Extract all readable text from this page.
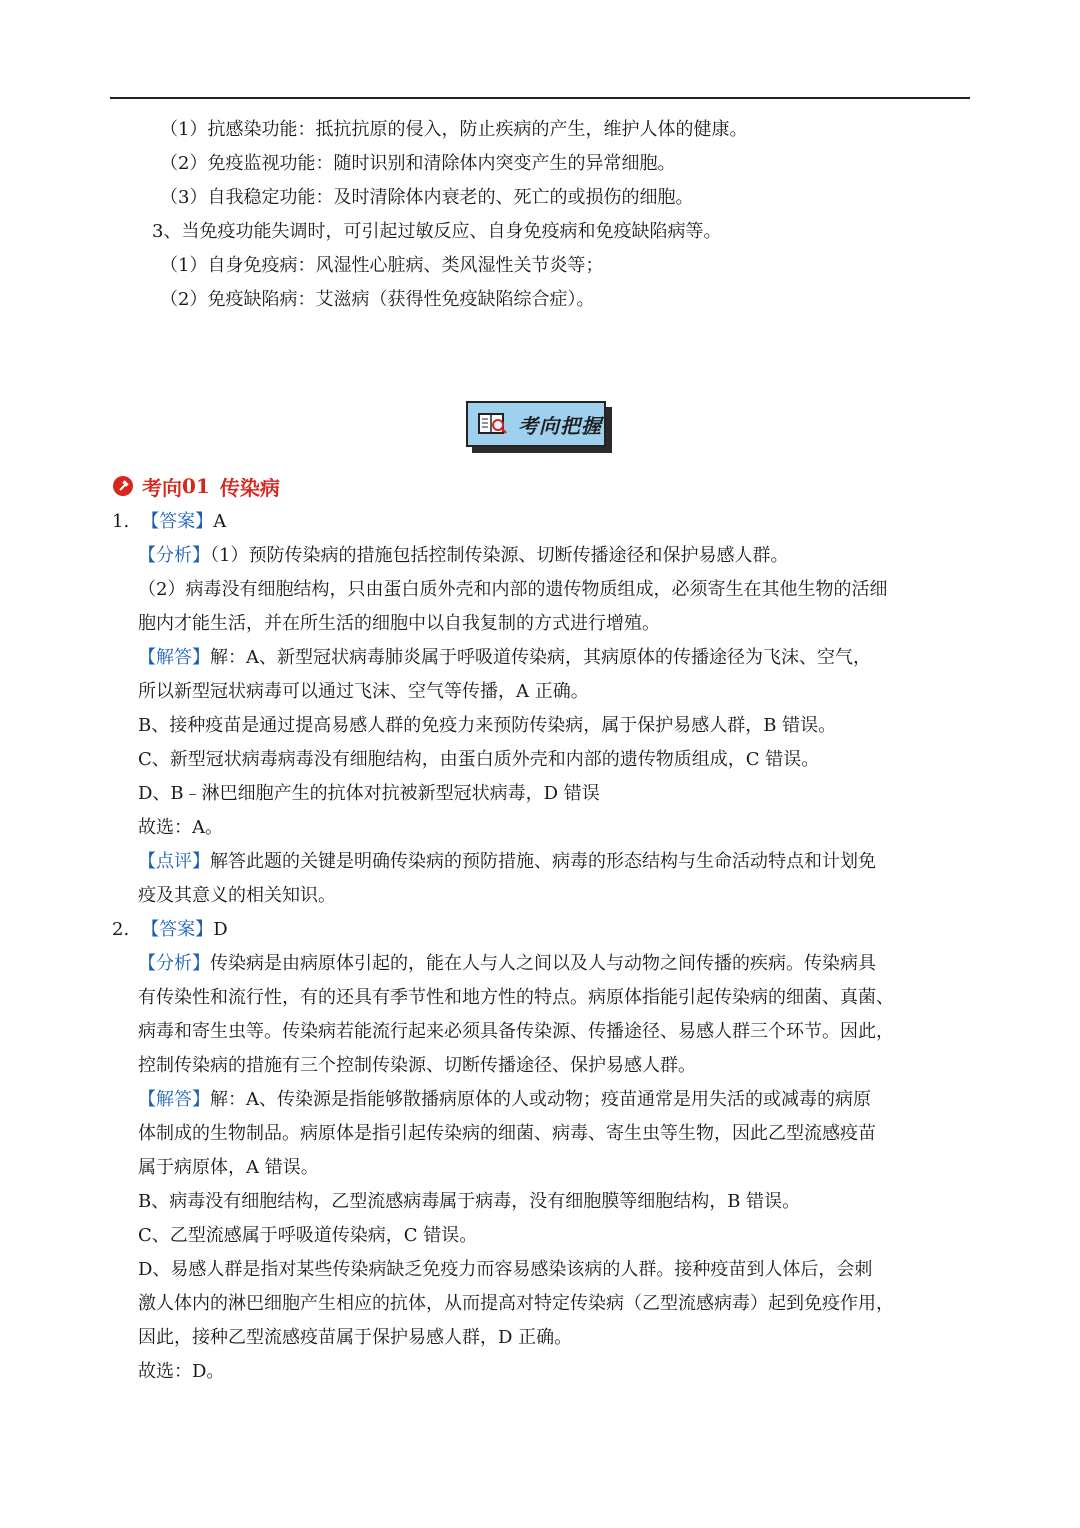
（1）抗感染功能：抵抗抗原的侵入，防止疾病的产生，维护人体的健康。
（2）免疫监视功能：随时识别和清除体内突变产生的异常细胞。
（3）自我稳定功能：及时清除体内衰老的、死亡的或损伤的细胞。
3、当免疫功能失调时，可引起过敏反应、自身免疫病和免疫缺陷病等。
（1）自身免疫病：风湿性心脏病、类风湿性关节炎等；
（2）免疫缺陷病：艾滋病（获得性免疫缺陷综合症）。
考向把握
考向 01 传染病
1. 【答案】A
【分析】（1）预防传染病的措施包括控制传染源、切断传播途径和保护易感人群。
（2）病毒没有细胞结构，只由蛋白质外壳和内部的遗传物质组成，必须寄生在其他生物的活细
胞内才能生活，并在所生活的细胞中以自我复制的方式进行增殖。
【解答】解：A、新型冠状病毒肺炎属于呼吸道传染病，其病原体的传播途径为飞沫、空气，
所以新型冠状病毒可以通过飞沫、空气等传播，A 正确。
B、接种疫苗是通过提高易感人群的免疫力来预防传染病，属于保护易感人群，B 错误。
C、新型冠状病毒病毒没有细胞结构，由蛋白质外壳和内部的遗传物质组成，C 错误。
D、B﹣淋巴细胞产生的抗体对抗被新型冠状病毒，D 错误
故选：A。
【点评】解答此题的关键是明确传染病的预防措施、病毒的形态结构与生命活动特点和计划免
疫及其意义的相关知识。
2. 【答案】D
【分析】传染病是由病原体引起的，能在人与人之间以及人与动物之间传播的疾病。传染病具
有传染性和流行性，有的还具有季节性和地方性的特点。病原体指能引起传染病的细菌、真菌、
病毒和寄生虫等。传染病若能流行起来必须具备传染源、传播途径、易感人群三个环节。因此，
控制传染病的措施有三个控制传染源、切断传播途径、保护易感人群。
【解答】解：A、传染源是指能够散播病原体的人或动物；疫苗通常是用失活的或减毒的病原
体制成的生物制品。病原体是指引起传染病的细菌、病毒、寄生虫等生物，因此乙型流感疫苗
属于病原体，A 错误。
B、病毒没有细胞结构，乙型流感病毒属于病毒，没有细胞膜等细胞结构，B 错误。
C、乙型流感属于呼吸道传染病，C 错误。
D、易感人群是指对某些传染病缺乏免疫力而容易感染该病的人群。接种疫苗到人体后，会刺
激人体内的淋巴细胞产生相应的抗体，从而提高对特定传染病（乙型流感病毒）起到免疫作用，
因此，接种乙型流感疫苗属于保护易感人群，D 正确。
故选：D。
